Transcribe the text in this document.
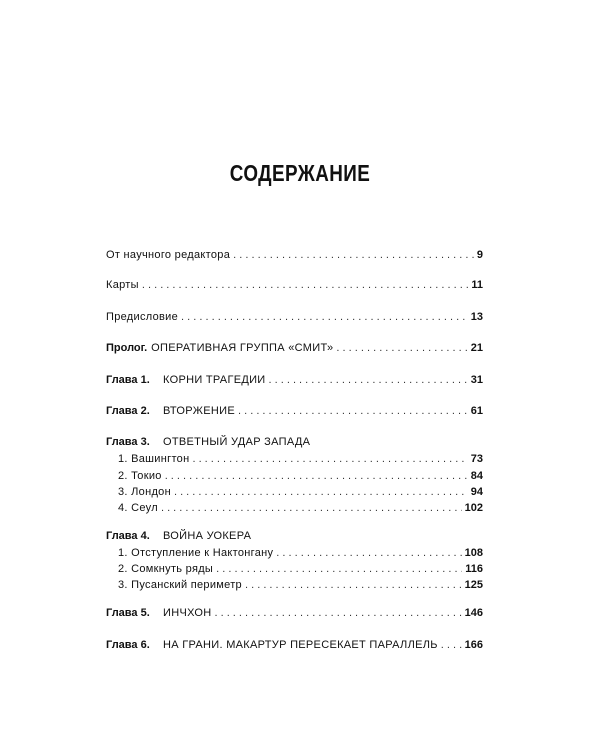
СОДЕРЖАНИЕ
От научного редактора . . .	9
Карты . . .	11
Предисловие . . .	13
Пролог. ОПЕРАТИВНАЯ ГРУППА «СМИТ» . . .	21
Глава 1.	КОРНИ ТРАГЕДИИ . . .	31
Глава 2.	ВТОРЖЕНИЕ . . .	61
Глава 3.	ОТВЕТНЫЙ УДАР ЗАПАДА
1. Вашингтон . . .	73
2. Токио . . .	84
3. Лондон . . .	94
4. Сеул . . .	102
Глава 4.	ВОЙНА УОКЕРА
1. Отступление к Нактонгану . . .	108
2. Сомкнуть ряды . . .	116
3. Пусанский периметр . . .	125
Глава 5.	ИНЧХОН . . .	146
Глава 6.	НА ГРАНИ. МАКАРТУР ПЕРЕСЕКАЕТ ПАРАЛЛЕЛЬ . . . 166
